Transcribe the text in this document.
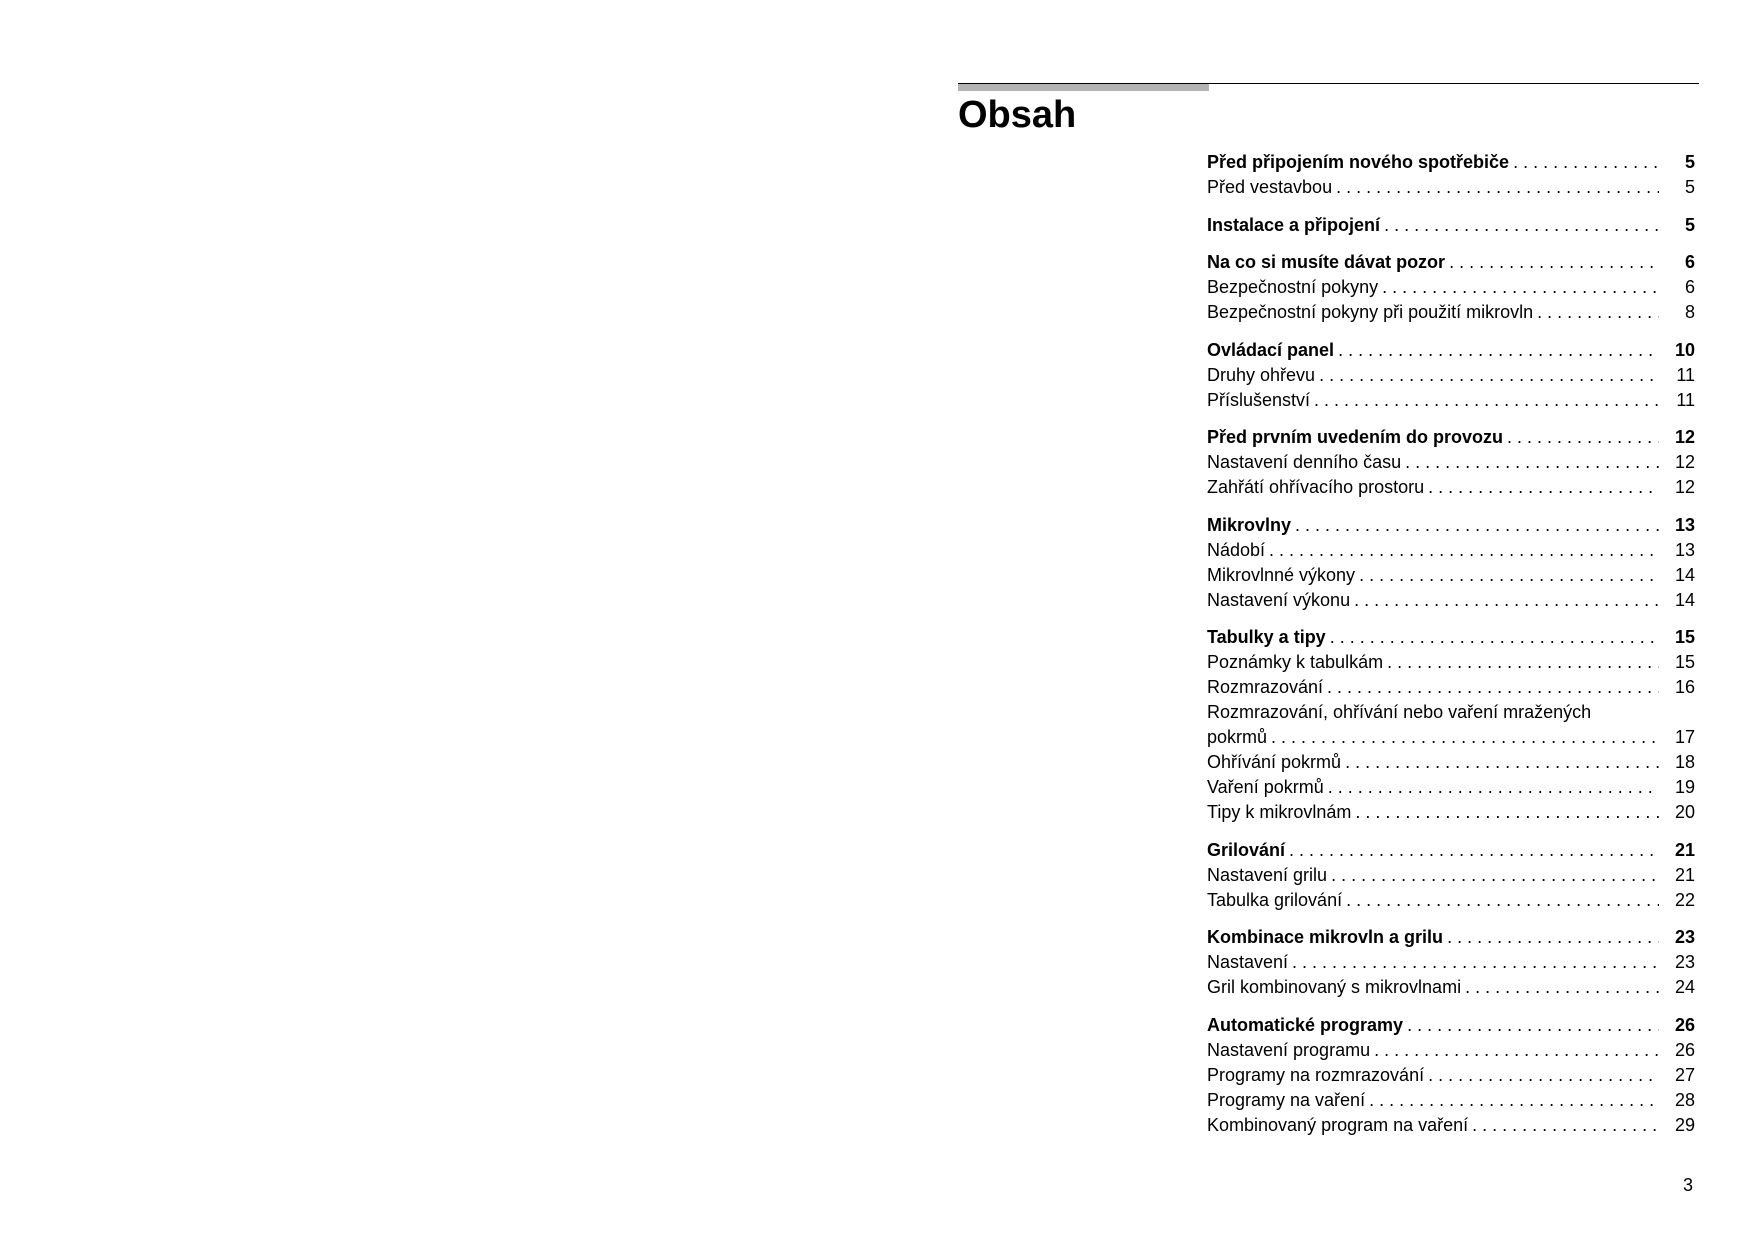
Obsah
Před připojením nového spotřebiče . . .	5
Před vestavbou . . .	5
Instalace a připojení . . .	5
Na co si musíte dávat pozor . . .	6
Bezpečnostní pokyny . . .	6
Bezpečnostní pokyny při použití mikrovln . . .	8
Ovládací panel . . .	10
Druhy ohřevu . . .	11
Příslušenství . . .	11
Před prvním uvedením do provozu . . .	12
Nastavení denního času . . .	12
Zahřátí ohřívacího prostoru . . .	12
Mikrovlny . . .	13
Nádobí . . .	13
Mikrovlnné výkony . . .	14
Nastavení výkonu . . .	14
Tabulky a tipy . . .	15
Poznámky k tabulkám . . .	15
Rozmrazování . . .	16
Rozmrazování, ohřívání nebo vaření mražených
pokrmů . . .	17
Ohřívání pokrmů . . .	18
Vaření pokrmů . . .	19
Tipy k mikrovlnám . . .	20
Grilování . . .	21
Nastavení grilu . . .	21
Tabulka grilování . . .	22
Kombinace mikrovln a grilu . . .	23
Nastavení . . .	23
Gril kombinovaný s mikrovlnami . . .	24
Automatické programy . . .	26
Nastavení programu . . .	26
Programy na rozmrazování . . .	27
Programy na vaření . . .	28
Kombinovaný program na vaření . . .	29
3
